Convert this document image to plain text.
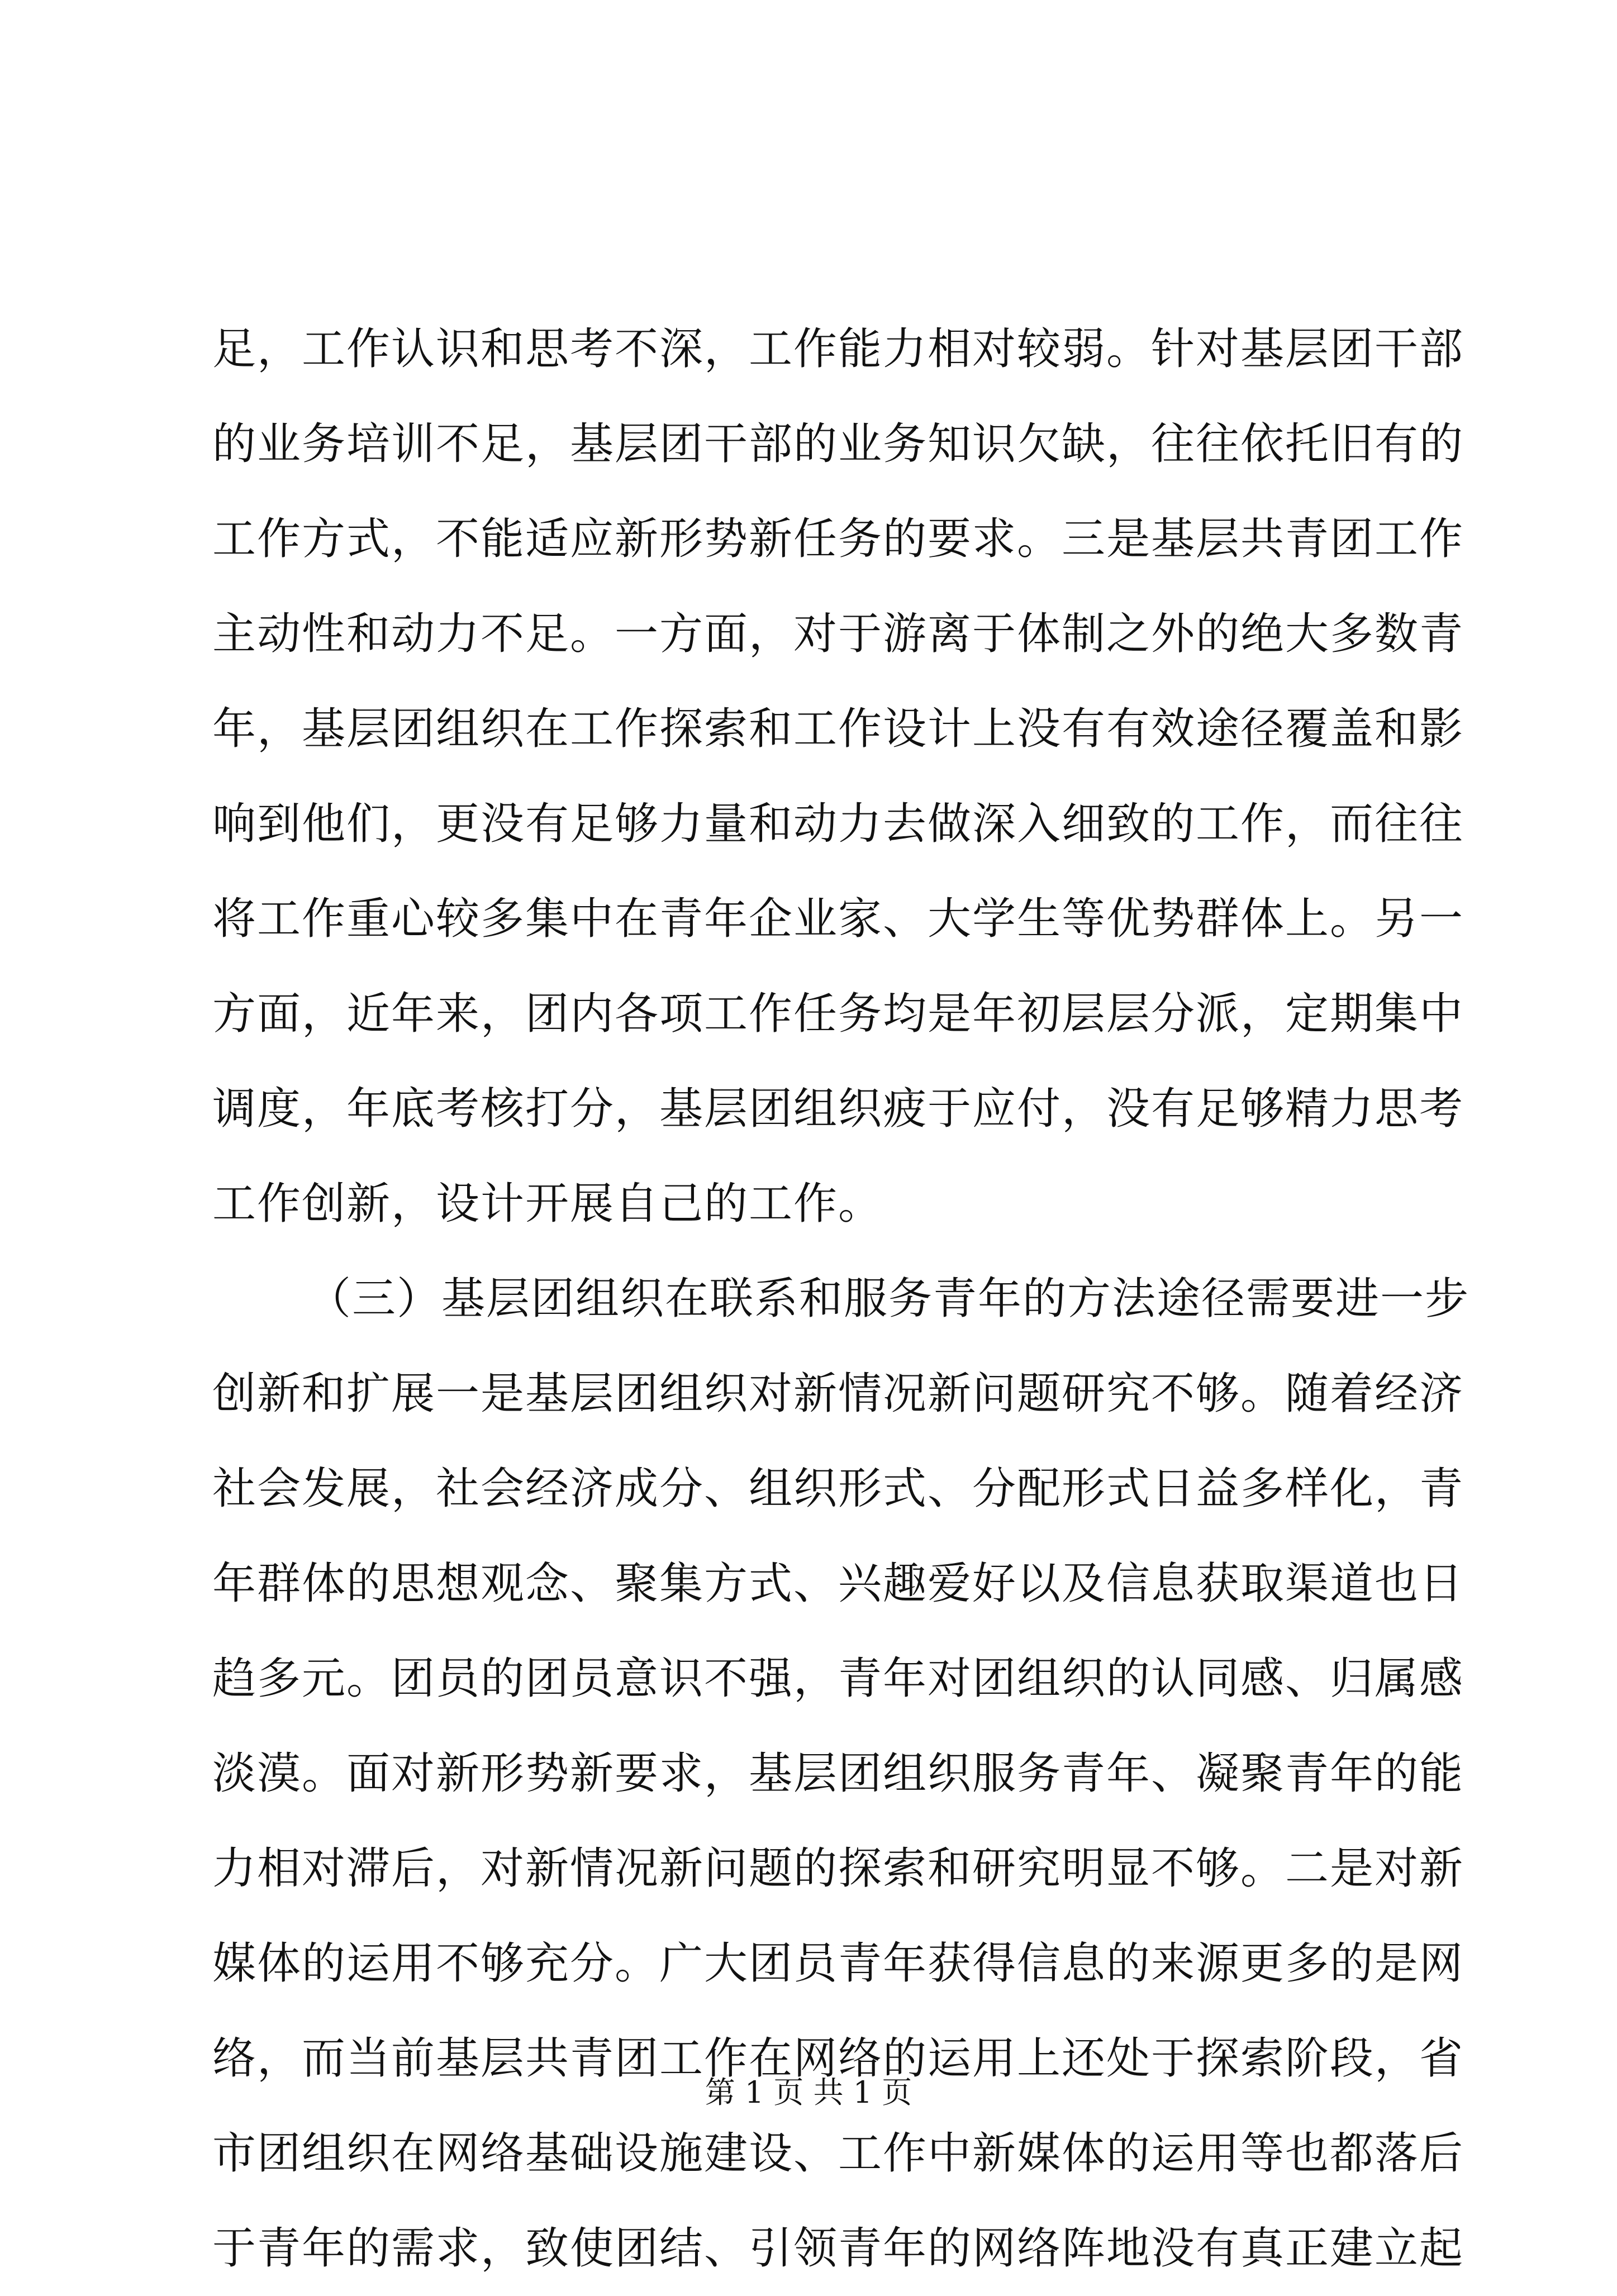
足，工作认识和思考不深，工作能力相对较弱。针对基层团干部
的业务培训不足，基层团干部的业务知识欠缺，往往依托旧有的
工作方式，不能适应新形势新任务的要求。三是基层共青团工作
主动性和动力不足。一方面，对于游离于体制之外的绝大多数青
年，基层团组织在工作探索和工作设计上没有有效途径覆盖和影
响到他们，更没有足够力量和动力去做深入细致的工作，而往往
将工作重心较多集中在青年企业家、大学生等优势群体上。另一
方面，近年来，团内各项工作任务均是年初层层分派，定期集中
调度，年底考核打分，基层团组织疲于应付，没有足够精力思考
工作创新，设计开展自己的工作。
（三）基层团组织在联系和服务青年的方法途径需要进一步
创新和扩展一是基层团组织对新情况新问题研究不够。随着经济
社会发展，社会经济成分、组织形式、分配形式日益多样化，青
年群体的思想观念、聚集方式、兴趣爱好以及信息获取渠道也日
趋多元。团员的团员意识不强，青年对团组织的认同感、归属感
淡漠。面对新形势新要求，基层团组织服务青年、凝聚青年的能
力相对滞后，对新情况新问题的探索和研究明显不够。二是对新
媒体的运用不够充分。广大团员青年获得信息的来源更多的是网
络，而当前基层共青团工作在网络的运用上还处于探索阶段，省
市团组织在网络基础设施建设、工作中新媒体的运用等也都落后
于青年的需求，致使团结、引领青年的网络阵地没有真正建立起
第 1 页 共 1 页
